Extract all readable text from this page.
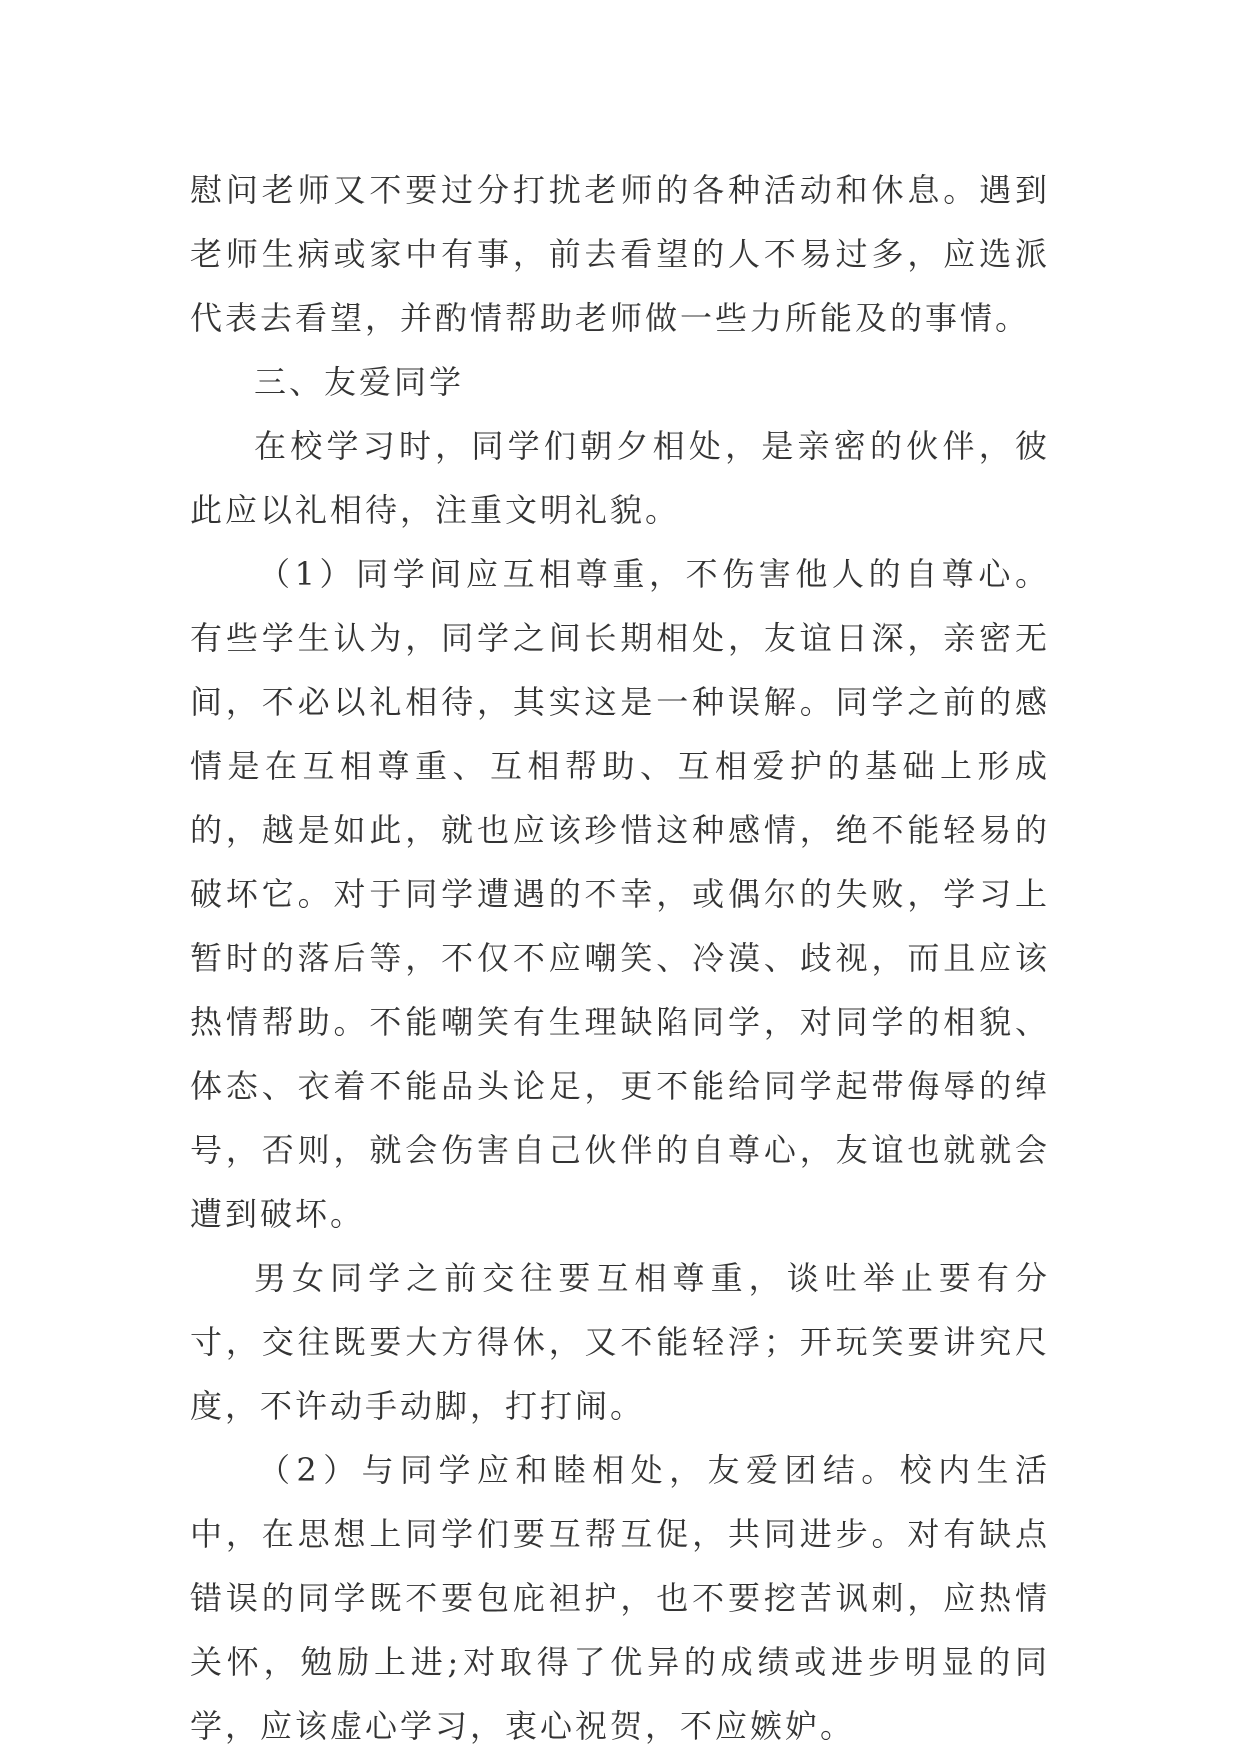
慰问老师又不要过分打扰老师的各种活动和休息。遇到老师生病或家中有事，前去看望的人不易过多，应选派代表去看望，并酌情帮助老师做一些力所能及的事情。

三、友爱同学

在校学习时，同学们朝夕相处，是亲密的伙伴，彼此应以礼相待，注重文明礼貌。

（1）同学间应互相尊重，不伤害他人的自尊心。有些学生认为，同学之间长期相处，友谊日深，亲密无间，不必以礼相待，其实这是一种误解。同学之前的感情是在互相尊重、互相帮助、互相爱护的基础上形成的，越是如此，就也应该珍惜这种感情，绝不能轻易的破坏它。对于同学遭遇的不幸，或偶尔的失败，学习上暂时的落后等，不仅不应嘲笑、冷漠、歧视，而且应该热情帮助。不能嘲笑有生理缺陷同学，对同学的相貌、体态、衣着不能品头论足，更不能给同学起带侮辱的绰号，否则，就会伤害自己伙伴的自尊心，友谊也就就会遭到破坏。

男女同学之前交往要互相尊重，谈吐举止要有分寸，交往既要大方得休，又不能轻浮；开玩笑要讲究尺度，不许动手动脚，打打闹。

（2）与同学应和睦相处，友爱团结。校内生活中，在思想上同学们要互帮互促，共同进步。对有缺点错误的同学既不要包庇袒护，也不要挖苦讽刺，应热情关怀，勉励上进;对取得了优异的成绩或进步明显的同学，应该虚心学习，衷心祝贺，不应嫉妒。
